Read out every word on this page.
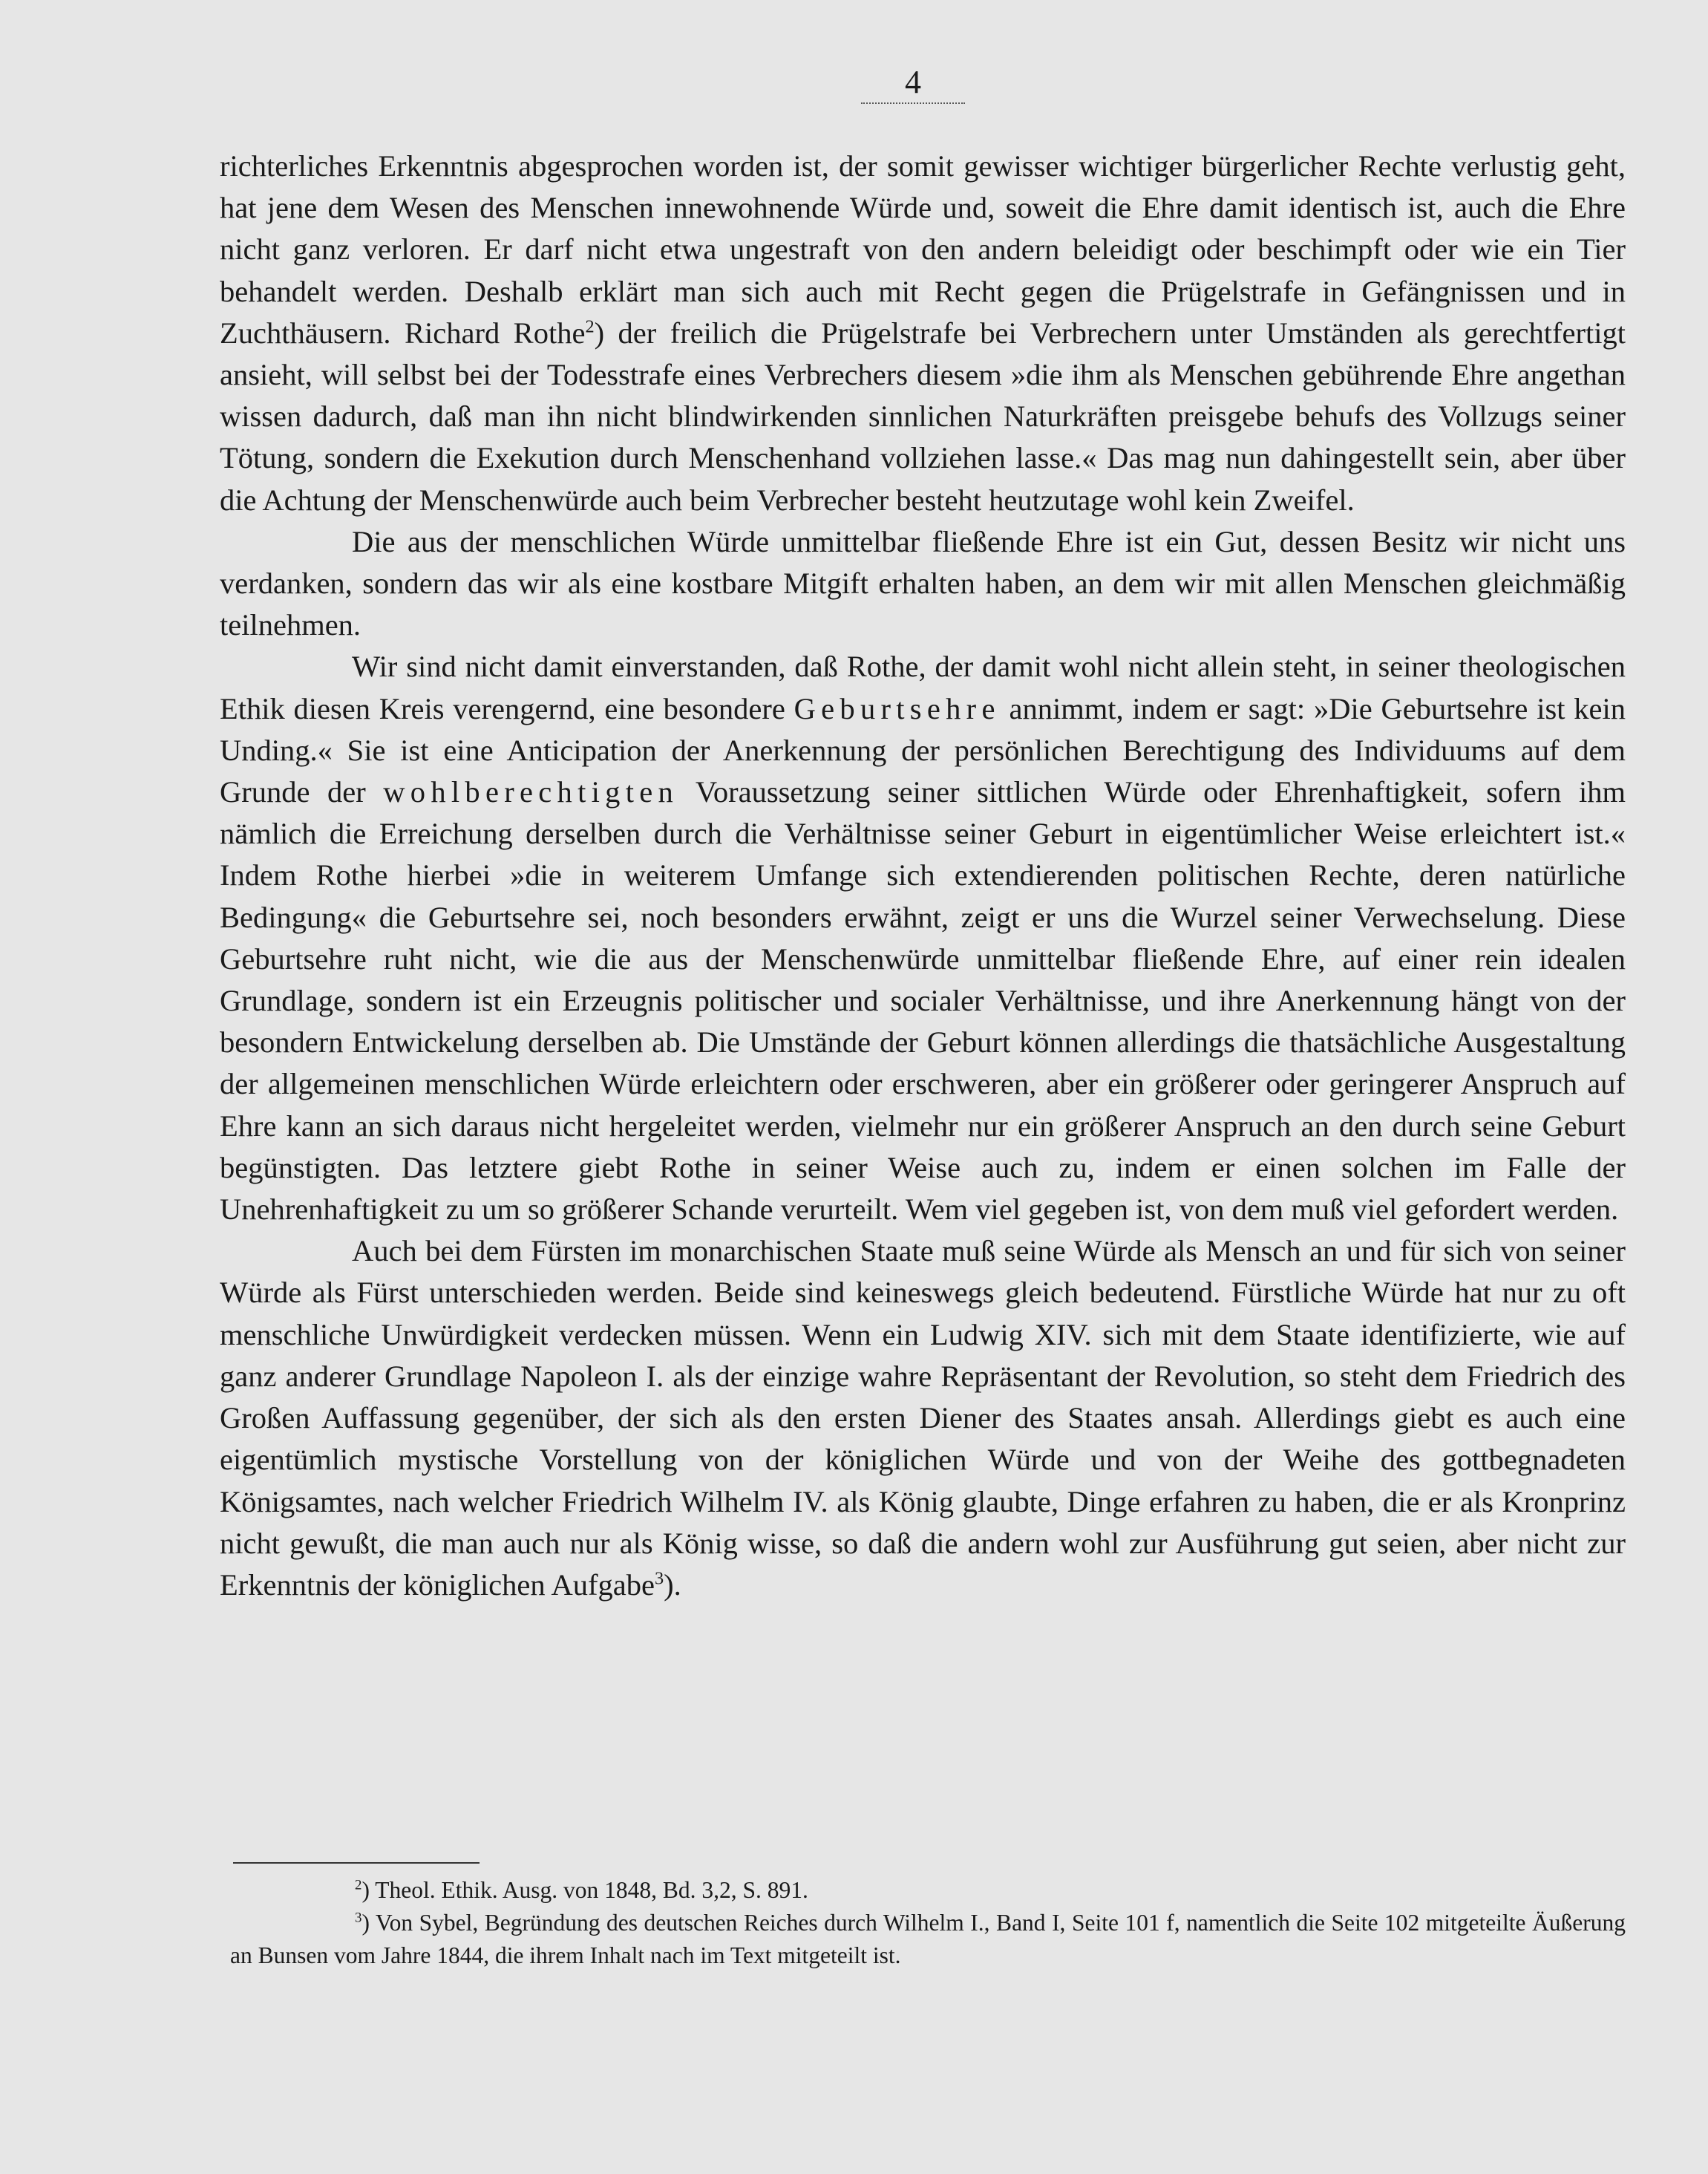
4

richterliches Erkenntnis abgesprochen worden ist, der somit gewisser wichtiger bürgerlicher Rechte verlustig geht, hat jene dem Wesen des Menschen innewohnende Würde und, soweit die Ehre damit identisch ist, auch die Ehre nicht ganz verloren. Er darf nicht etwa ungestraft von den andern beleidigt oder beschimpft oder wie ein Tier behandelt werden. Deshalb erklärt man sich auch mit Recht gegen die Prügelstrafe in Gefängnissen und in Zuchthäusern. Richard Rothe$^2$) der freilich die Prügelstrafe bei Verbrechern unter Umständen als gerechtfertigt ansieht, will selbst bei der Todesstrafe eines Verbrechers diesem »die ihm als Menschen gebührende Ehre angethan wissen dadurch, daß man ihn nicht blindwirkenden sinnlichen Naturkräften preisgebe behufs des Vollzugs seiner Tötung, sondern die Exekution durch Menschenhand vollziehen lasse.« Das mag nun dahingestellt sein, aber über die Achtung der Menschenwürde auch beim Verbrecher besteht heutzutage wohl kein Zweifel.

Die aus der menschlichen Würde unmittelbar fließende Ehre ist ein Gut, dessen Besitz wir nicht uns verdanken, sondern das wir als eine kostbare Mitgift erhalten haben, an dem wir mit allen Menschen gleichmäßig teilnehmen.

Wir sind nicht damit einverstanden, daß Rothe, der damit wohl nicht allein steht, in seiner theologischen Ethik diesen Kreis verengernd, eine besondere Geburtsehre annimmt, indem er sagt: »Die Geburtsehre ist kein Unding.« Sie ist eine Anticipation der Anerkennung der persönlichen Berechtigung des Individuums auf dem Grunde der wohlberechtigten Voraussetzung seiner sittlichen Würde oder Ehrenhaftigkeit, sofern ihm nämlich die Erreichung derselben durch die Verhältnisse seiner Geburt in eigentümlicher Weise erleichtert ist.« Indem Rothe hierbei »die in weiterem Umfange sich extendierenden politischen Rechte, deren natürliche Bedingung« die Geburtsehre sei, noch besonders erwähnt, zeigt er uns die Wurzel seiner Verwechselung. Diese Geburtsehre ruht nicht, wie die aus der Menschenwürde unmittelbar fließende Ehre, auf einer rein idealen Grundlage, sondern ist ein Erzeugnis politischer und socialer Verhältnisse, und ihre Anerkennung hängt von der besondern Entwickelung derselben ab. Die Umstände der Geburt können allerdings die thatsächliche Ausgestaltung der allgemeinen menschlichen Würde erleichtern oder erschweren, aber ein größerer oder geringerer Anspruch auf Ehre kann an sich daraus nicht hergeleitet werden, vielmehr nur ein größerer Anspruch an den durch seine Geburt begünstigten. Das letztere giebt Rothe in seiner Weise auch zu, indem er einen solchen im Falle der Unehrenhaftigkeit zu um so größerer Schande verurteilt. Wem viel gegeben ist, von dem muß viel gefordert werden.

Auch bei dem Fürsten im monarchischen Staate muß seine Würde als Mensch an und für sich von seiner Würde als Fürst unterschieden werden. Beide sind keineswegs gleich bedeutend. Fürstliche Würde hat nur zu oft menschliche Unwürdigkeit verdecken müssen. Wenn ein Ludwig XIV. sich mit dem Staate identifizierte, wie auf ganz anderer Grundlage Napoleon I. als der einzige wahre Repräsentant der Revolution, so steht dem Friedrich des Großen Auffassung gegenüber, der sich als den ersten Diener des Staates ansah. Allerdings giebt es auch eine eigentümlich mystische Vorstellung von der königlichen Würde und von der Weihe des gottbegnadeten Königsamtes, nach welcher Friedrich Wilhelm IV. als König glaubte, Dinge erfahren zu haben, die er als Kronprinz nicht gewußt, die man auch nur als König wisse, so daß die andern wohl zur Ausführung gut seien, aber nicht zur Erkenntnis der königlichen Aufgabe$^3$).

$^2$) Theol. Ethik. Ausg. von 1848, Bd. 3,2, S. 891.

$^3$) Von Sybel, Begründung des deutschen Reiches durch Wilhelm I., Band I, Seite 101 f, namentlich die Seite 102 mitgeteilte Äußerung an Bunsen vom Jahre 1844, die ihrem Inhalt nach im Text mitgeteilt ist.
